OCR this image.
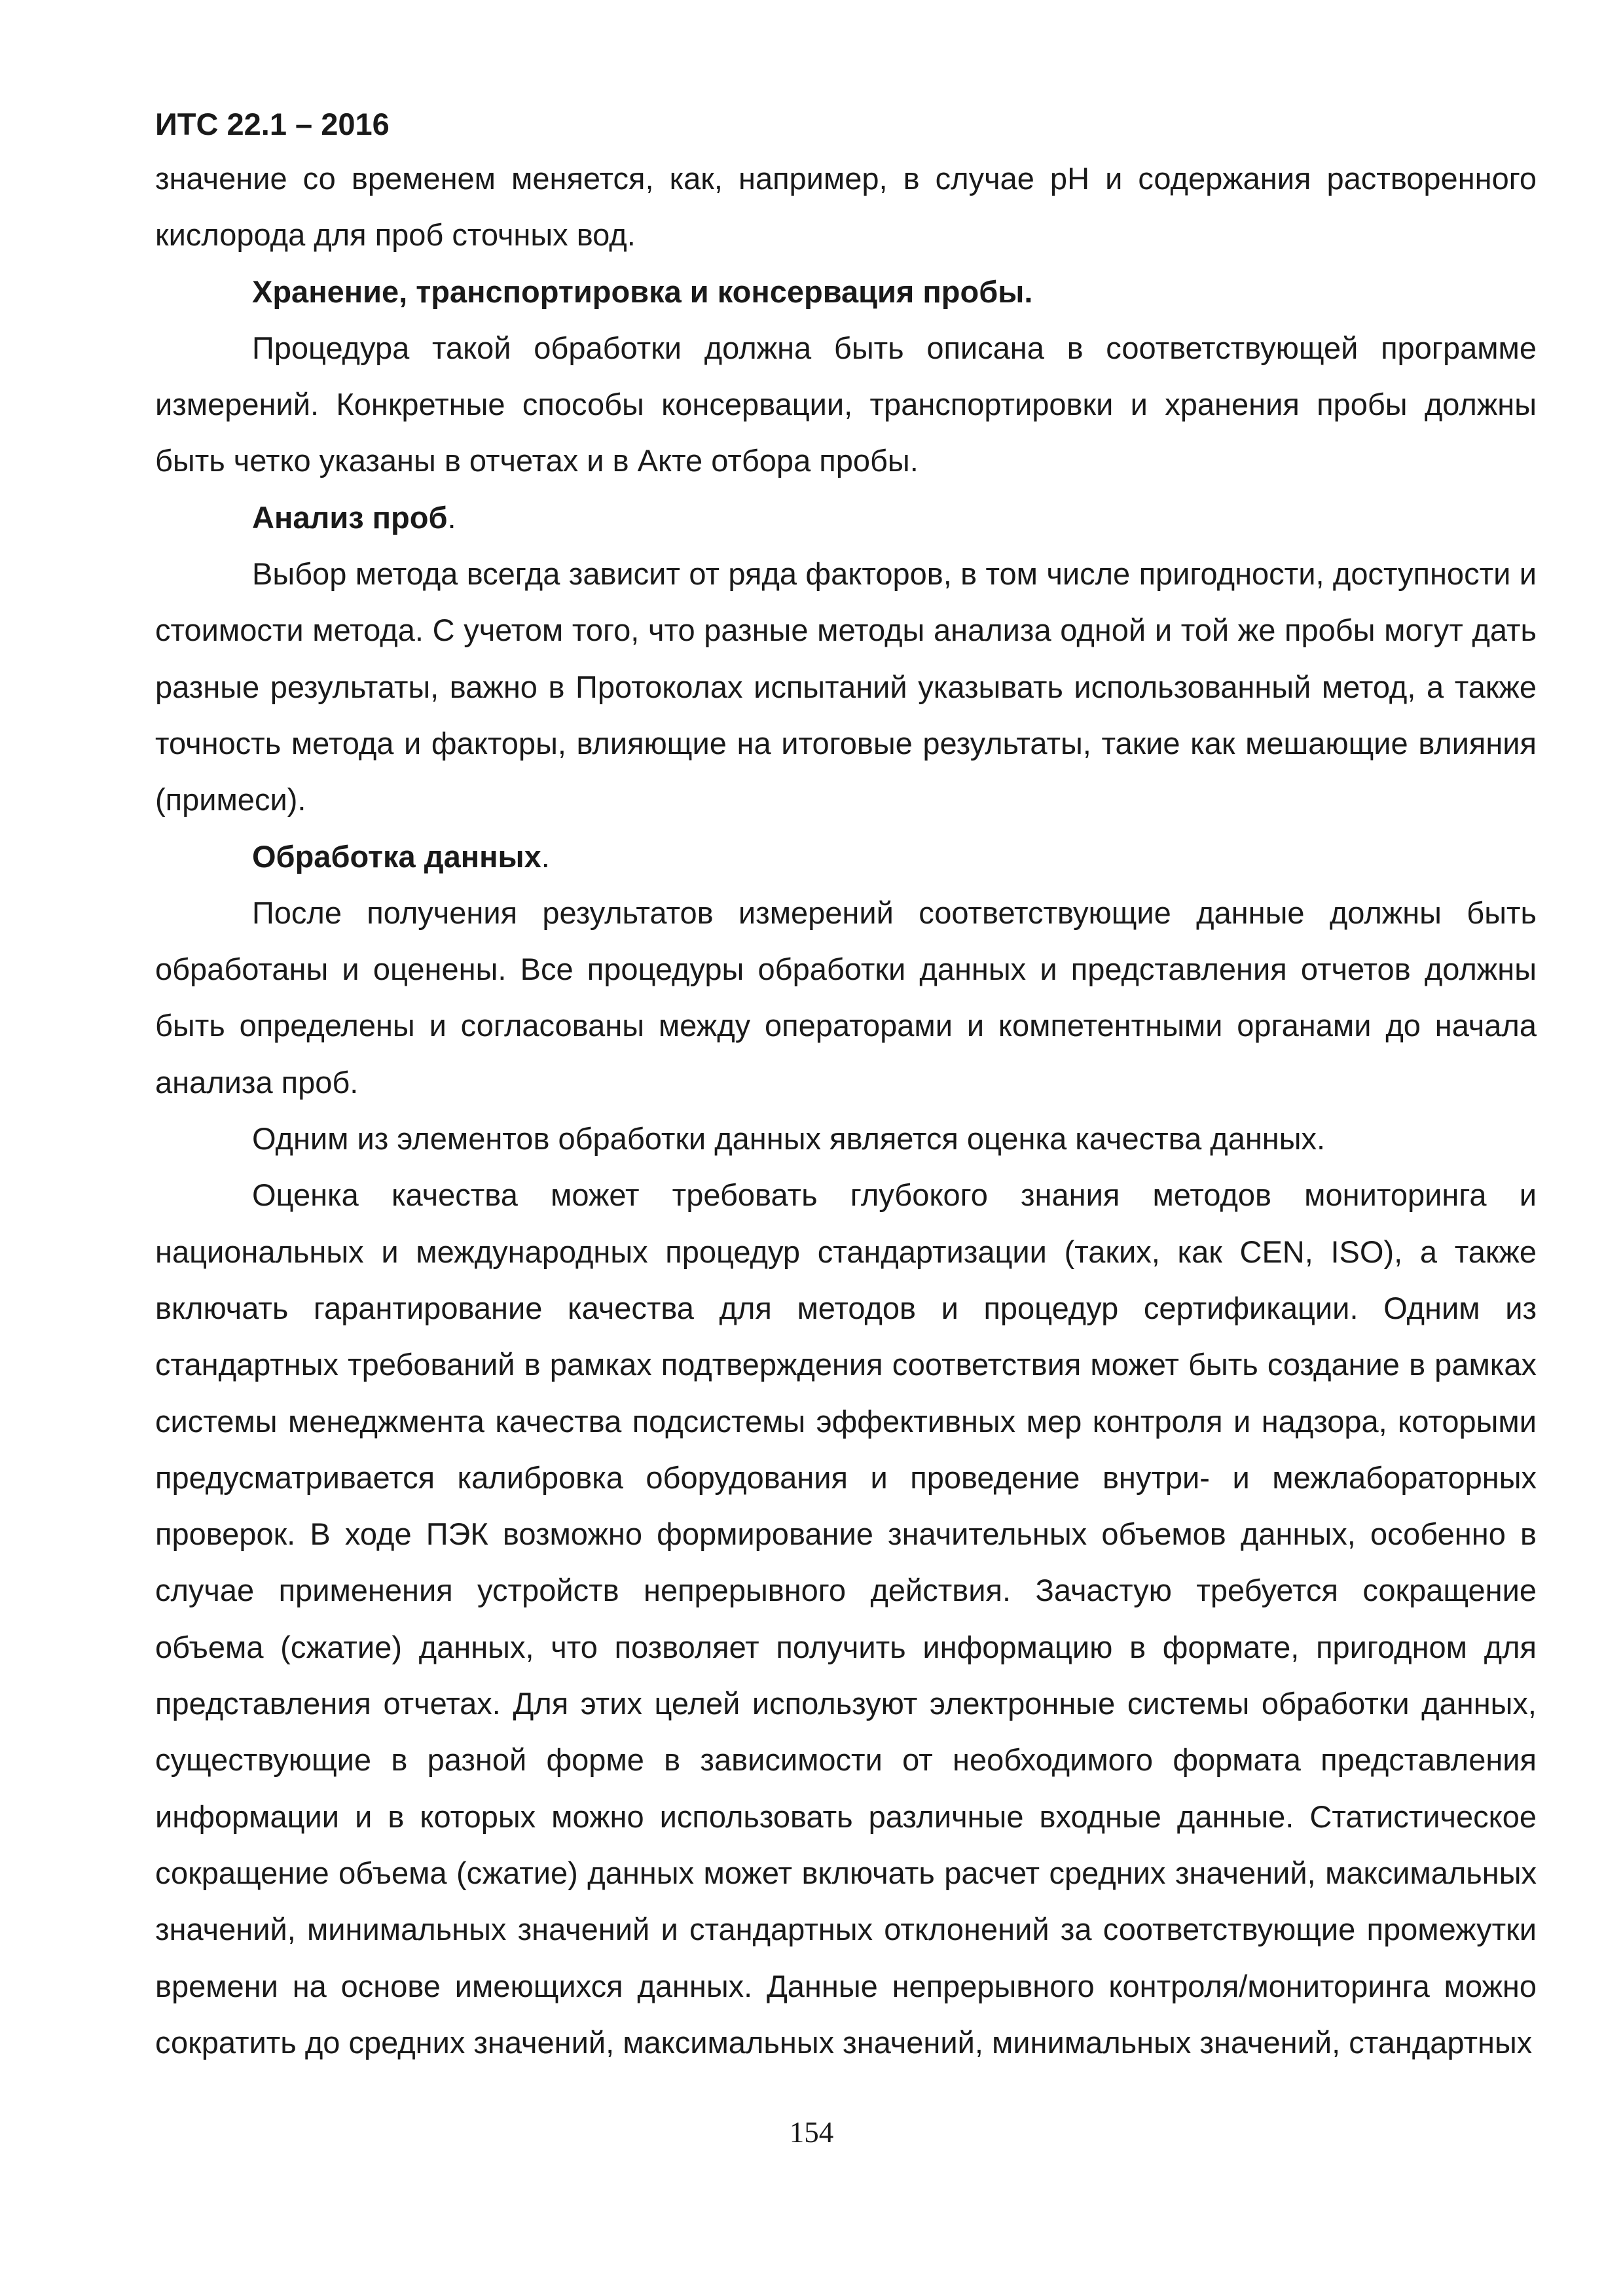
ИТС 22.1 – 2016

значение со временем меняется, как, например, в случае рН и содержания растворенного кислорода для проб сточных вод.

Хранение, транспортировка и консервация пробы.

Процедура такой обработки должна быть описана в соответствующей программе измерений. Конкретные способы консервации, транспортировки и хранения пробы должны быть четко указаны в отчетах и в Акте отбора пробы.

Анализ проб.

Выбор метода всегда зависит от ряда факторов, в том числе пригодности, доступности и стоимости метода. С учетом того, что разные методы анализа одной и той же пробы могут дать разные результаты, важно в Протоколах испытаний указывать использованный метод, а также точность метода и факторы, влияющие на итоговые результаты, такие как мешающие влияния (примеси).

Обработка данных.

После получения результатов измерений соответствующие данные должны быть обработаны и оценены. Все процедуры обработки данных и представления отчетов должны быть определены и согласованы между операторами и компетентными органами до начала анализа проб.

Одним из элементов обработки данных является оценка качества данных.

Оценка качества может требовать глубокого знания методов мониторинга и национальных и международных процедур стандартизации (таких, как CEN, ISO), а также включать гарантирование качества для методов и процедур сертификации. Одним из стандартных требований в рамках подтверждения соответствия может быть создание в рамках системы менеджмента качества подсистемы эффективных мер контроля и надзора, которыми предусматривается калибровка оборудования и проведение внутри- и межлабораторных проверок. В ходе ПЭК возможно формирование значительных объемов данных, особенно в случае применения устройств непрерывного действия. Зачастую требуется сокращение объема (сжатие) данных, что позволяет получить информацию в формате, пригодном для представления отчетах. Для этих целей используют электронные системы обработки данных, существующие в разной форме в зависимости от необходимого формата представления информации и в которых можно использовать различные входные данные. Статистическое сокращение объема (сжатие) данных может включать расчет средних значений, максимальных значений, минимальных значений и стандартных отклонений за соответствующие промежутки времени на основе имеющихся данных. Данные непрерывного контроля/мониторинга можно сократить до средних значений, максимальных значений, минимальных значений, стандартных

154
